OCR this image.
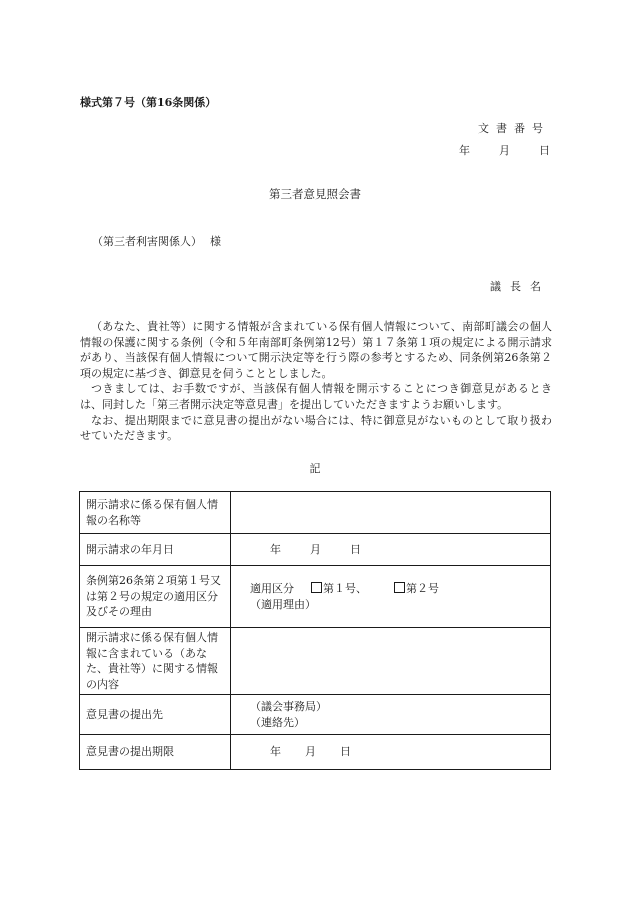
様式第７号（第16条関係）
文書番号
年	月	日
第三者意見照会書
（第三者利害関係人） 様
議長名

（あなた、貴社等）に関する情報が含まれている保有個人情報について、南部町議会の個人情報の保護に関する条例（令和５年南部町条例第12号）第１７条第１項の規定による開示請求があり、当該保有個人情報について開示決定等を行う際の参考とするため、同条例第26条第２項の規定に基づき、御意見を伺うこととしました。

つきましては、お手数ですが、当該保有個人情報を開示することにつき御意見があるときは、同封した「第三者開示決定等意見書」を提出していただきますようお願いします。

なお、提出期限までに意見書の提出がない場合には、特に御意見がないものとして取り扱わせていただきます。

記
開示請求に係る保有個人情報の名称等	
開示請求の年月日	年 月 日
条例第26条第２項第１号又は第２号の規定の適用区分及びその理由	適用区分 第１号、 第２号
（適用理由）

開示請求に係る保有個人情報に含まれている（あなた、貴社等）に関する情報の内容	
意見書の提出先	（議会事務局）
（連絡先）

意見書の提出期限	年 月 日
